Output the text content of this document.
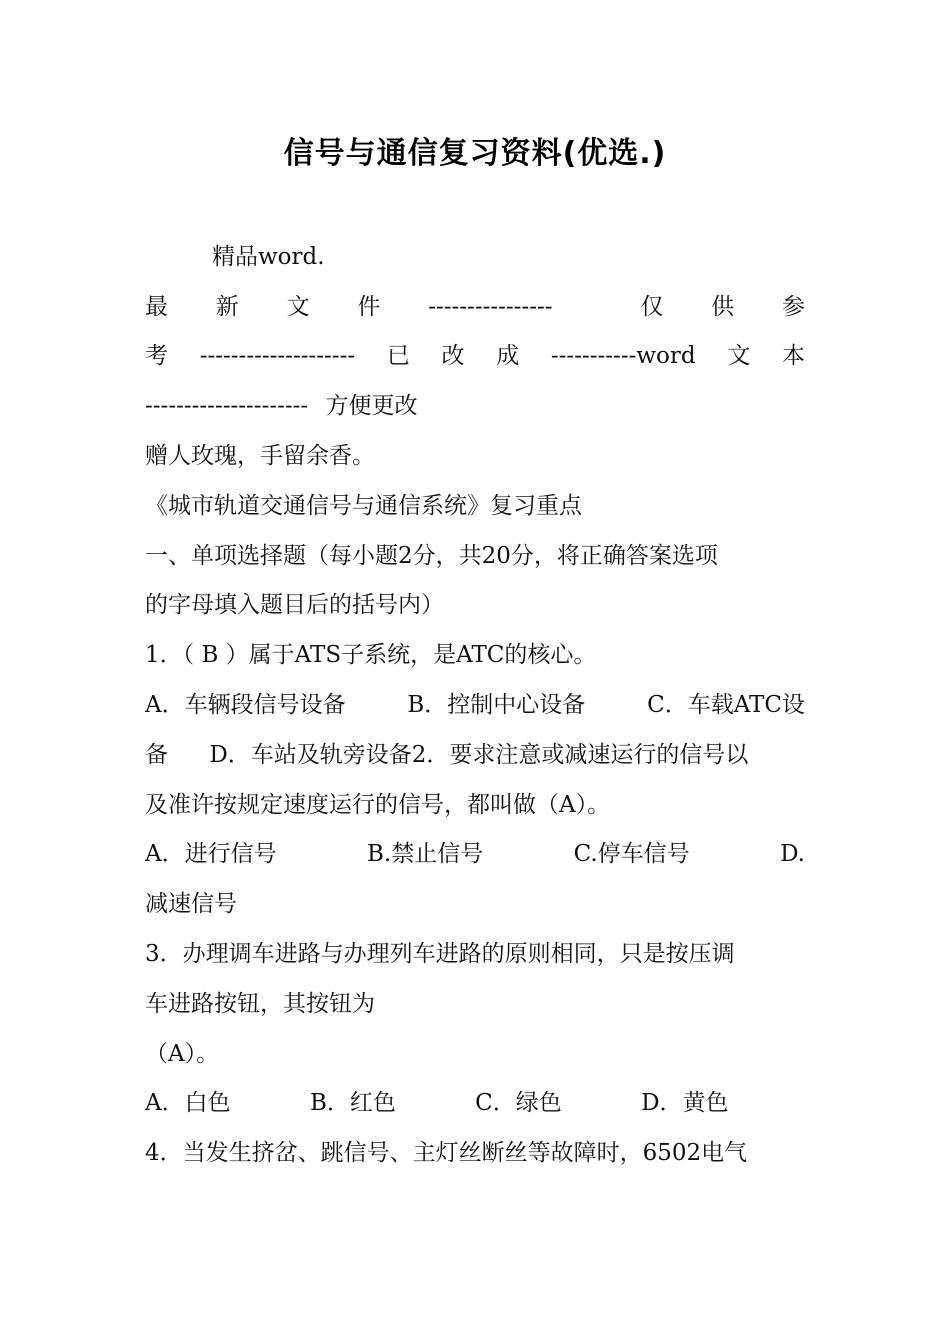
信号与通信复习资料(优选.)
精品word.
最 新 文 件 ----------------	仅 供 参
考 -------------------- 已 改 成 -----------word 文 本
--------------------- 方便更改
赠人玫瑰，手留余香。
《城市轨道交通信号与通信系统》复习重点
一、单项选择题（每小题2分，共20分，将正确答案选项
的字母填入题目后的括号内）
1．（ B ）属于ATS子系统，是ATC的核心。
A．车辆段信号设备	B．控制中心设备	C．车载ATC设
备 D．车站及轨旁设备2．要求注意或减速运行的信号以
及准许按规定速度运行的信号，都叫做（A）。
A．进行信号	B.禁止信号	C.停车信号	D.
减速信号
3．办理调车进路与办理列车进路的原则相同，只是按压调
车进路按钮，其按钮为
（A）。
A．白色	B．红色	C．绿色	D．黄色
4．当发生挤岔、跳信号、主灯丝断丝等故障时，6502电气
